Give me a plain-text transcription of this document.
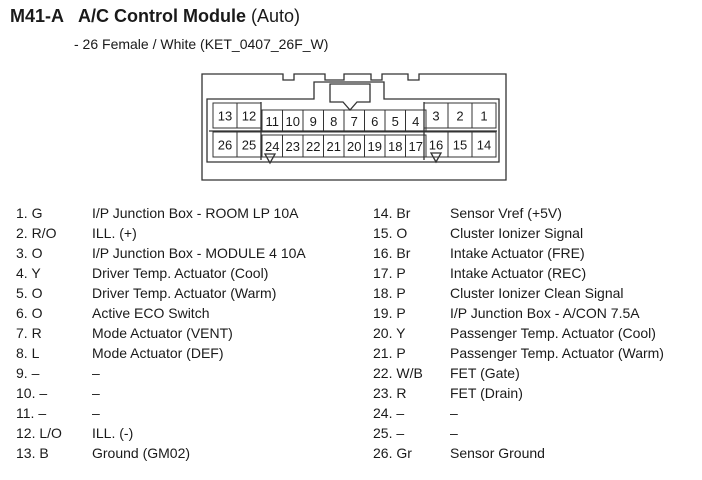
M41-A A/C Control Module (Auto)
- 26 Female / White (KET_0407_26F_W)
13 12 11 10 9 8 7 6 5 4 3 2 1
26 25 24 23 22 21 20 19 18 17 16 15 14
1. G	I/P Junction Box - ROOM LP 10A
2. R/O	ILL. (+)
3. O	I/P Junction Box - MODULE 4 10A
4. Y	Driver Temp. Actuator (Cool)
5. O	Driver Temp. Actuator (Warm)
6. O	Active ECO Switch
7. R	Mode Actuator (VENT)
8. L	Mode Actuator (DEF)
9. –	–
10. –	–
11. –	–
12. L/O	ILL. (-)
13. B	Ground (GM02)
14. Br	Sensor Vref (+5V)
15. O	Cluster Ionizer Signal
16. Br	Intake Actuator (FRE)
17. P	Intake Actuator (REC)
18. P	Cluster Ionizer Clean Signal
19. P	I/P Junction Box - A/CON 7.5A
20. Y	Passenger Temp. Actuator (Cool)
21. P	Passenger Temp. Actuator (Warm)
22. W/B	FET (Gate)
23. R	FET (Drain)
24. –	–
25. –	–
26. Gr	Sensor Ground
